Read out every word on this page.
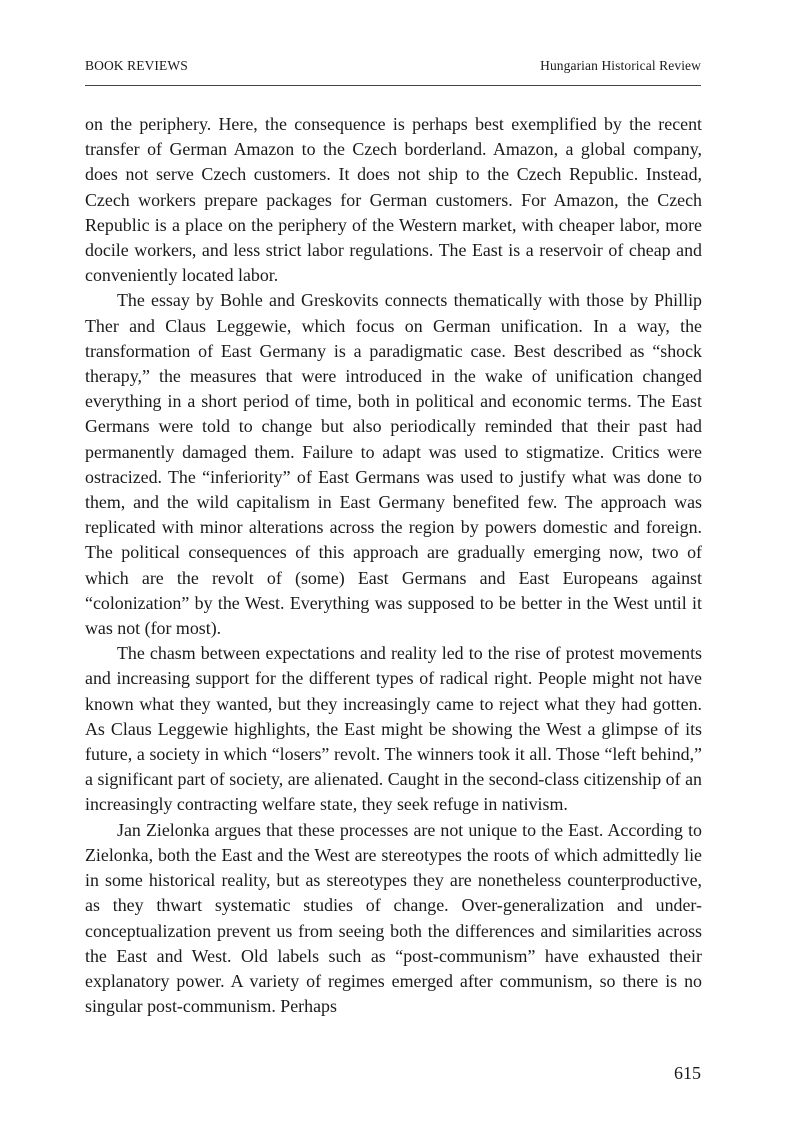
BOOK REVIEWS	Hungarian Historical Review

on the periphery. Here, the consequence is perhaps best exemplified by the recent transfer of German Amazon to the Czech borderland. Amazon, a global company, does not serve Czech customers. It does not ship to the Czech Republic. Instead, Czech workers prepare packages for German customers. For Amazon, the Czech Republic is a place on the periphery of the Western market, with cheaper labor, more docile workers, and less strict labor regulations. The East is a reservoir of cheap and conveniently located labor.

The essay by Bohle and Greskovits connects thematically with those by Phillip Ther and Claus Leggewie, which focus on German unification. In a way, the transformation of East Germany is a paradigmatic case. Best described as “shock therapy,” the measures that were introduced in the wake of unification changed everything in a short period of time, both in political and economic terms. The East Germans were told to change but also periodically reminded that their past had permanently damaged them. Failure to adapt was used to stigmatize. Critics were ostracized. The “inferiority” of East Germans was used to justify what was done to them, and the wild capitalism in East Germany benefited few. The approach was replicated with minor alterations across the region by powers domestic and foreign. The political consequences of this approach are gradually emerging now, two of which are the revolt of (some) East Germans and East Europeans against “colonization” by the West. Everything was supposed to be better in the West until it was not (for most).

The chasm between expectations and reality led to the rise of protest movements and increasing support for the different types of radical right. People might not have known what they wanted, but they increasingly came to reject what they had gotten. As Claus Leggewie highlights, the East might be showing the West a glimpse of its future, a society in which “losers” revolt. The winners took it all. Those “left behind,” a significant part of society, are alienated. Caught in the second-class citizenship of an increasingly contracting welfare state, they seek refuge in nativism.

Jan Zielonka argues that these processes are not unique to the East. According to Zielonka, both the East and the West are stereotypes the roots of which admittedly lie in some historical reality, but as stereotypes they are nonetheless counterproductive, as they thwart systematic studies of change. Over-generalization and under-conceptualization prevent us from seeing both the differences and similarities across the East and West. Old labels such as “post-communism” have exhausted their explanatory power. A variety of regimes emerged after communism, so there is no singular post-communism. Perhaps

615
